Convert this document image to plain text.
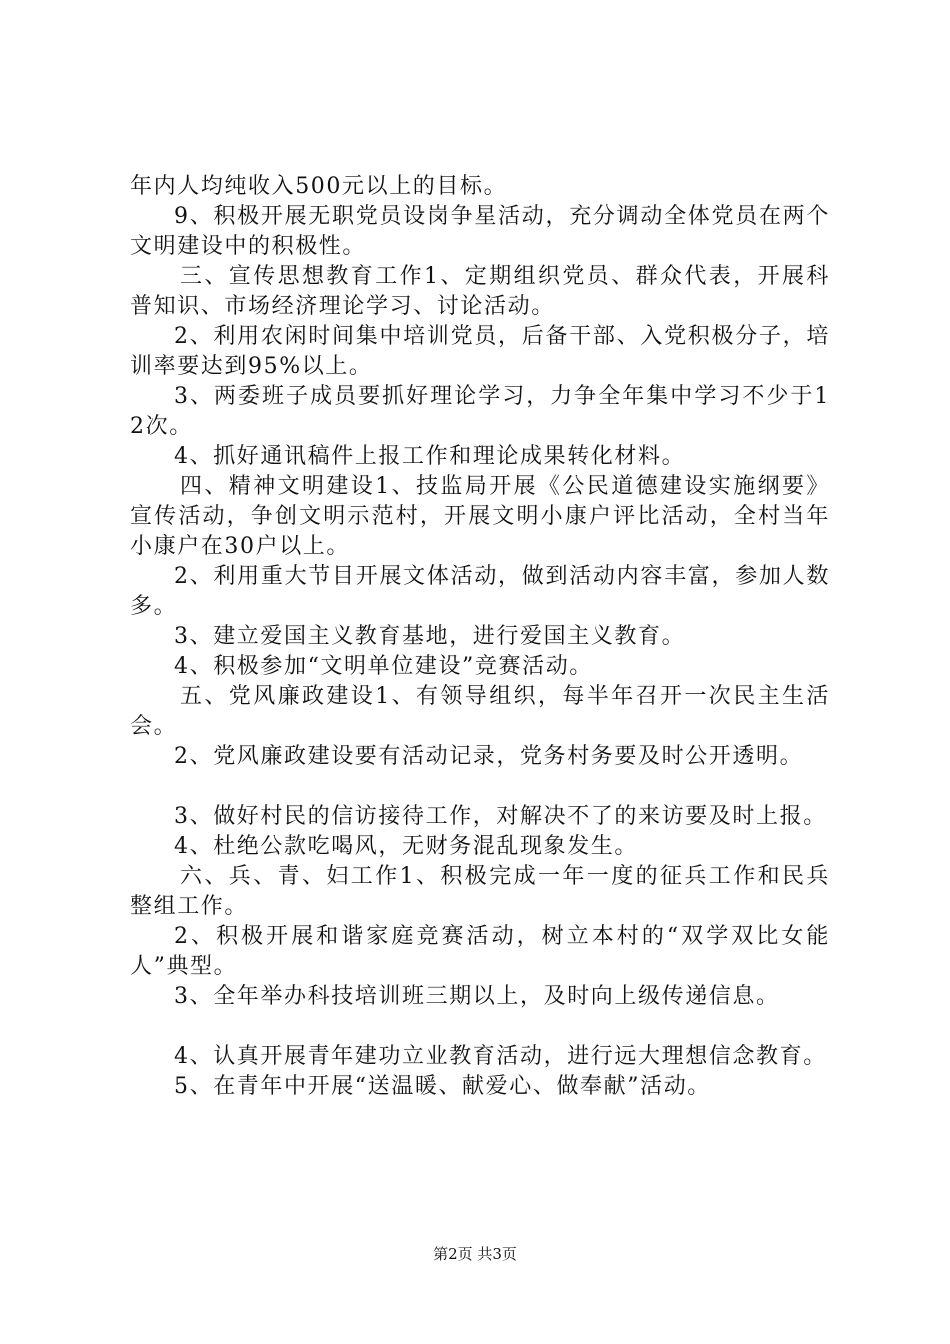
年内人均纯收入500元以上的目标。

9、积极开展无职党员设岗争星活动，充分调动全体党员在两个文明建设中的积极性。

三、宣传思想教育工作1、定期组织党员、群众代表，开展科普知识、市场经济理论学习、讨论活动。

2、利用农闲时间集中培训党员，后备干部、入党积极分子，培训率要达到95%以上。

3、两委班子成员要抓好理论学习，力争全年集中学习不少于12次。

4、抓好通讯稿件上报工作和理论成果转化材料。

四、精神文明建设1、技监局开展《公民道德建设实施纲要》宣传活动，争创文明示范村，开展文明小康户评比活动，全村当年小康户在30户以上。

2、利用重大节目开展文体活动，做到活动内容丰富，参加人数多。

3、建立爱国主义教育基地，进行爱国主义教育。

4、积极参加“文明单位建设”竞赛活动。

五、党风廉政建设1、有领导组织，每半年召开一次民主生活会。

2、党风廉政建设要有活动记录，党务村务要及时公开透明。

3、做好村民的信访接待工作，对解决不了的来访要及时上报。

4、杜绝公款吃喝风，无财务混乱现象发生。

六、兵、青、妇工作1、积极完成一年一度的征兵工作和民兵整组工作。

2、积极开展和谐家庭竞赛活动，树立本村的“双学双比女能人”典型。

3、全年举办科技培训班三期以上，及时向上级传递信息。

4、认真开展青年建功立业教育活动，进行远大理想信念教育。

5、在青年中开展“送温暖、献爱心、做奉献”活动。

第2页 共3页
